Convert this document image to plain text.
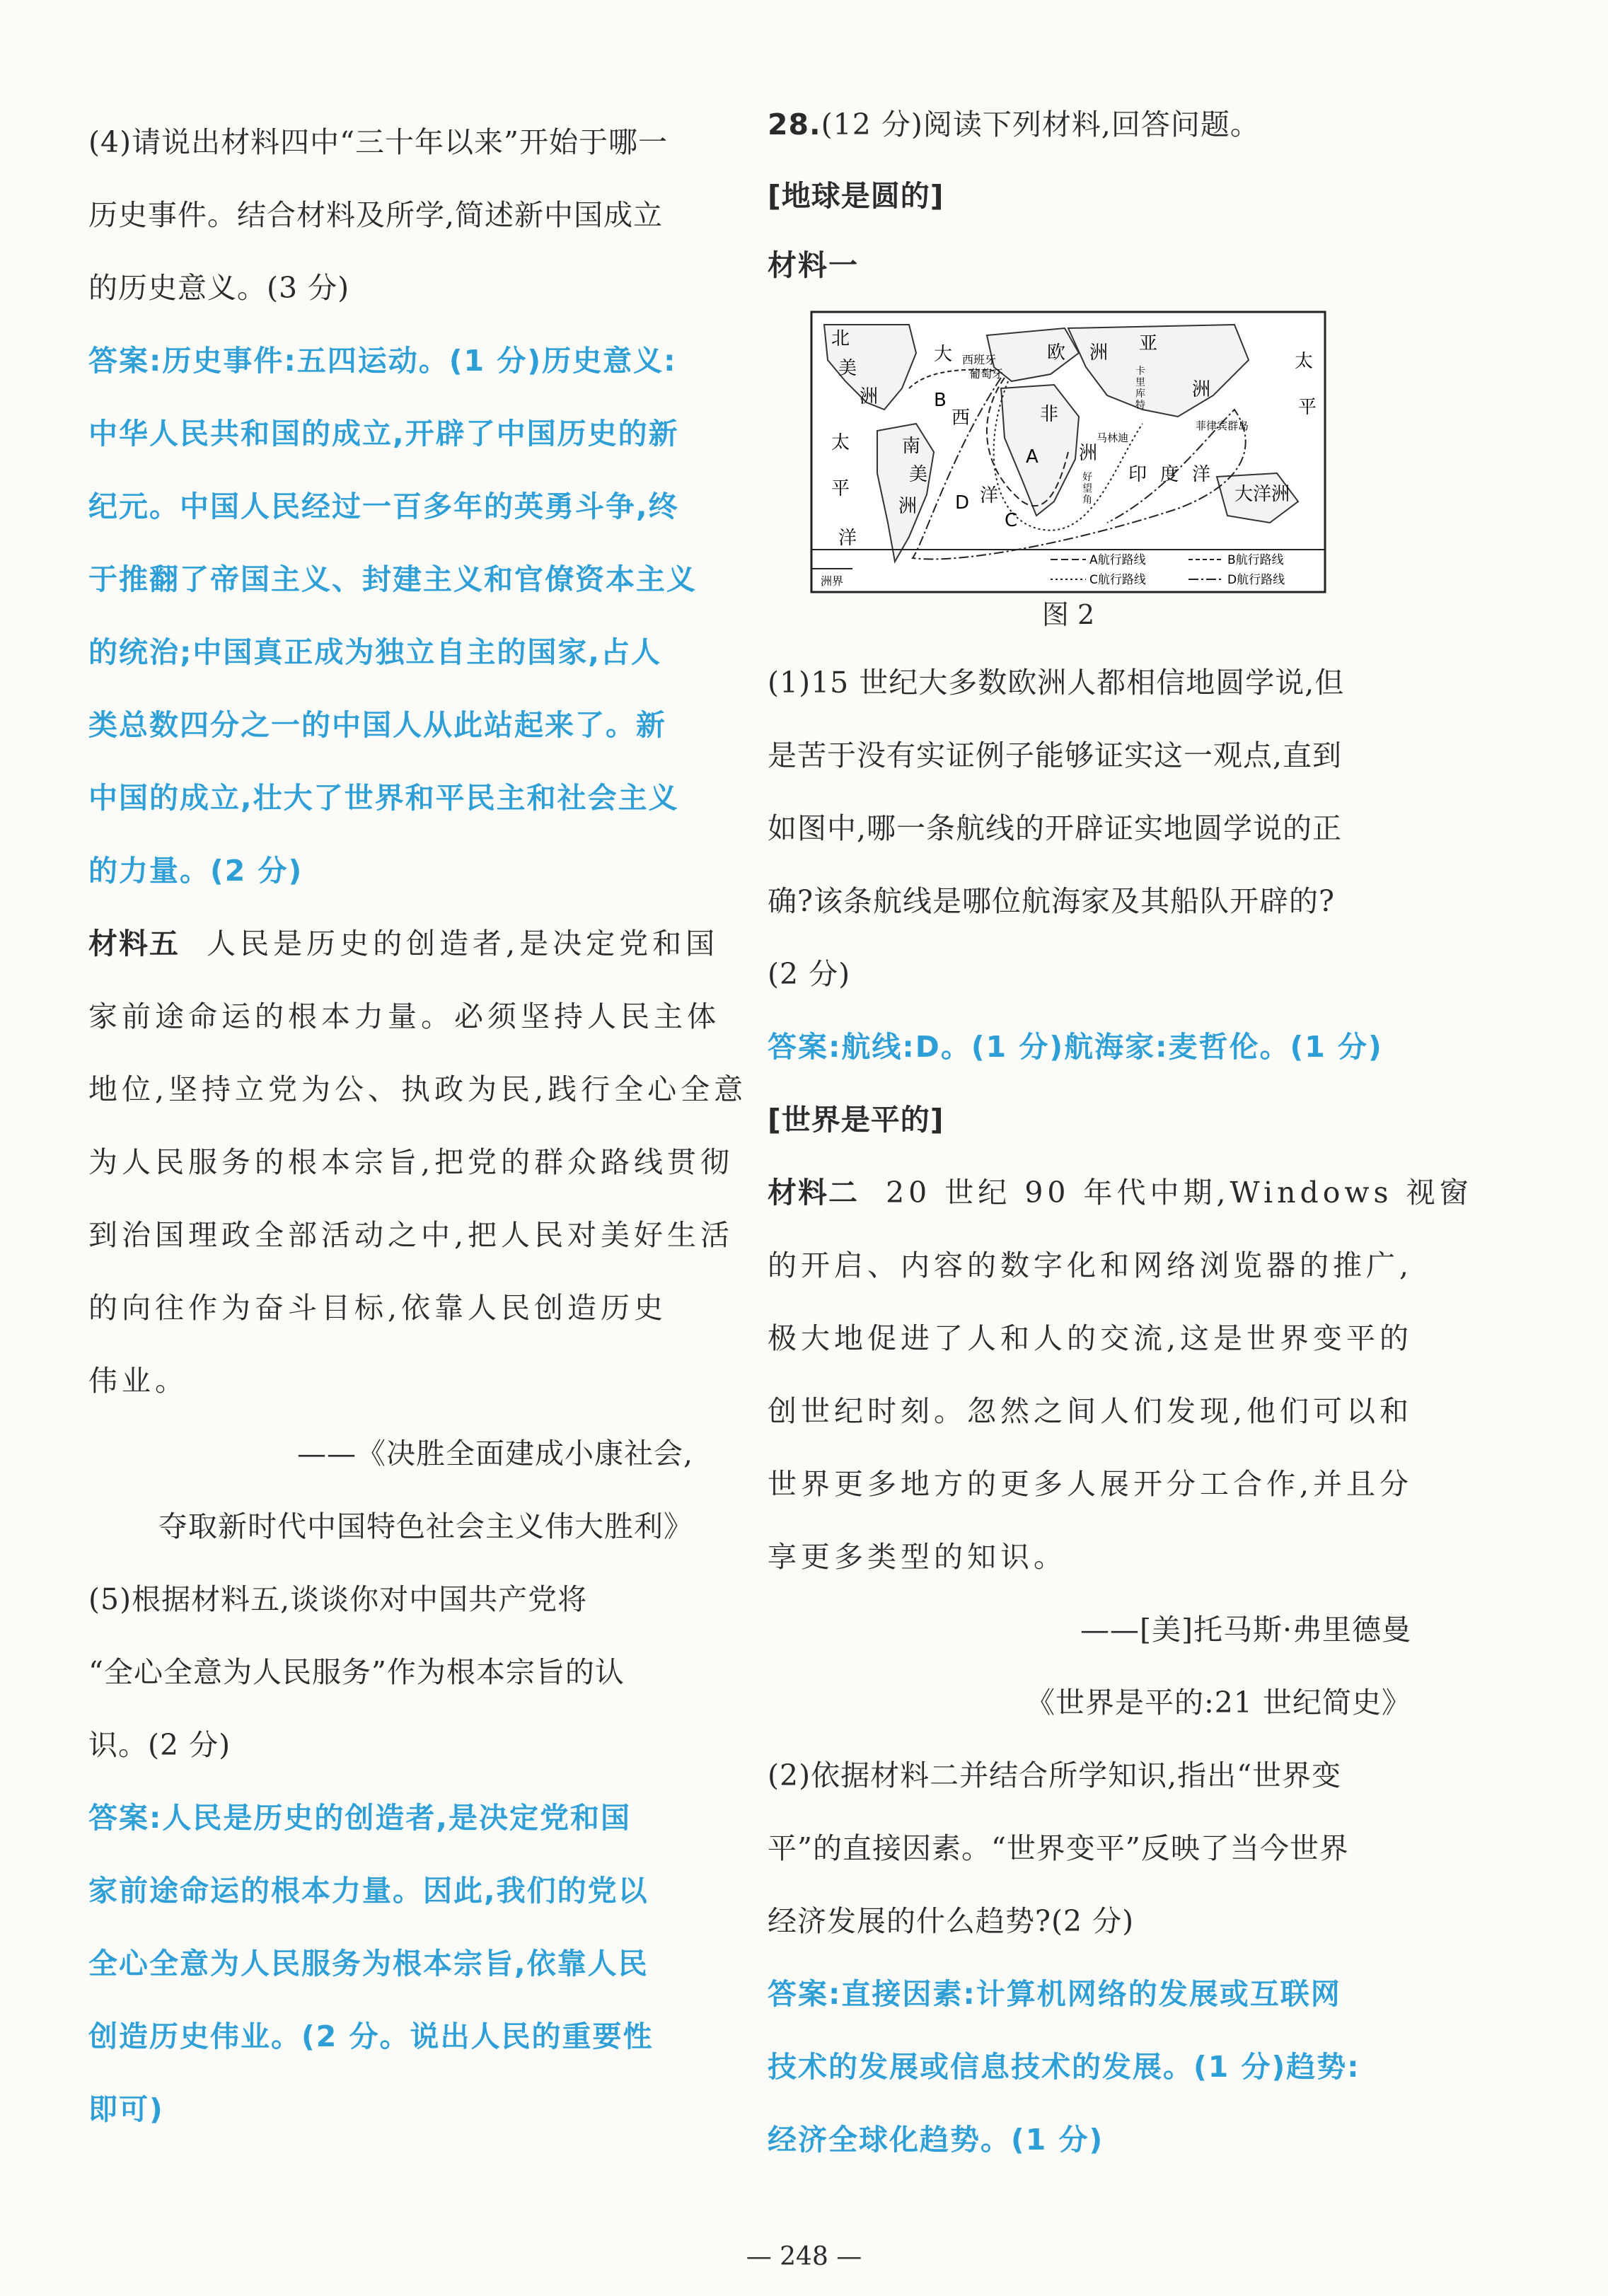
(4)请说出材料四中“三十年以来”开始于哪一
历史事件。结合材料及所学,简述新中国成立
的历史意义。(3 分)
答案:历史事件:五四运动。(1 分)历史意义:
中华人民共和国的成立,开辟了中国历史的新
纪元。中国人民经过一百多年的英勇斗争,终
于推翻了帝国主义、封建主义和官僚资本主义
的统治;中国真正成为独立自主的国家,占人
类总数四分之一的中国人从此站起来了。新
中国的成立,壮大了世界和平民主和社会主义
的力量。(2 分)
材料五 人民是历史的创造者,是决定党和国
家前途命运的根本力量。必须坚持人民主体
地位,坚持立党为公、执政为民,践行全心全意
为人民服务的根本宗旨,把党的群众路线贯彻
到治国理政全部活动之中,把人民对美好生活
的向往作为奋斗目标,依靠人民创造历史
伟业。
——《决胜全面建成小康社会,
夺取新时代中国特色社会主义伟大胜利》
(5)根据材料五,谈谈你对中国共产党将
“全心全意为人民服务”作为根本宗旨的认
识。(2 分)
答案:人民是历史的创造者,是决定党和国
家前途命运的根本力量。因此,我们的党以
全心全意为人民服务为根本宗旨,依靠人民
创造历史伟业。(2 分。说出人民的重要性
即可)
28.(12 分)阅读下列材料,回答问题。
[地球是圆的]
材料一
北
美
洲
大 西班牙
葡萄牙
欧 洲 亚
卡
里
库
特
洲
太
平
菲律宾群岛
非
洲
马林迪
好
望
角
印 度 洋
大洋洲
南
美
洲
西
洋
太
平
洋
B
A
C
D
洲界
A航行路线	B航行路线
C航行路线	D航行路线
图 2
(1)15 世纪大多数欧洲人都相信地圆学说,但
是苦于没有实证例子能够证实这一观点,直到
如图中,哪一条航线的开辟证实地圆学说的正
确?该条航线是哪位航海家及其船队开辟的?
(2 分)
答案:航线:D。(1 分)航海家:麦哲伦。(1 分)
[世界是平的]
材料二 20 世纪 90 年代中期,Windows 视窗
的开启、内容的数字化和网络浏览器的推广,
极大地促进了人和人的交流,这是世界变平的
创世纪时刻。忽然之间人们发现,他们可以和
世界更多地方的更多人展开分工合作,并且分
享更多类型的知识。
——[美]托马斯·弗里德曼
《世界是平的:21 世纪简史》
(2)依据材料二并结合所学知识,指出“世界变
平”的直接因素。“世界变平”反映了当今世界
经济发展的什么趋势?(2 分)
答案:直接因素:计算机网络的发展或互联网
技术的发展或信息技术的发展。(1 分)趋势:
经济全球化趋势。(1 分)
— 248 —
